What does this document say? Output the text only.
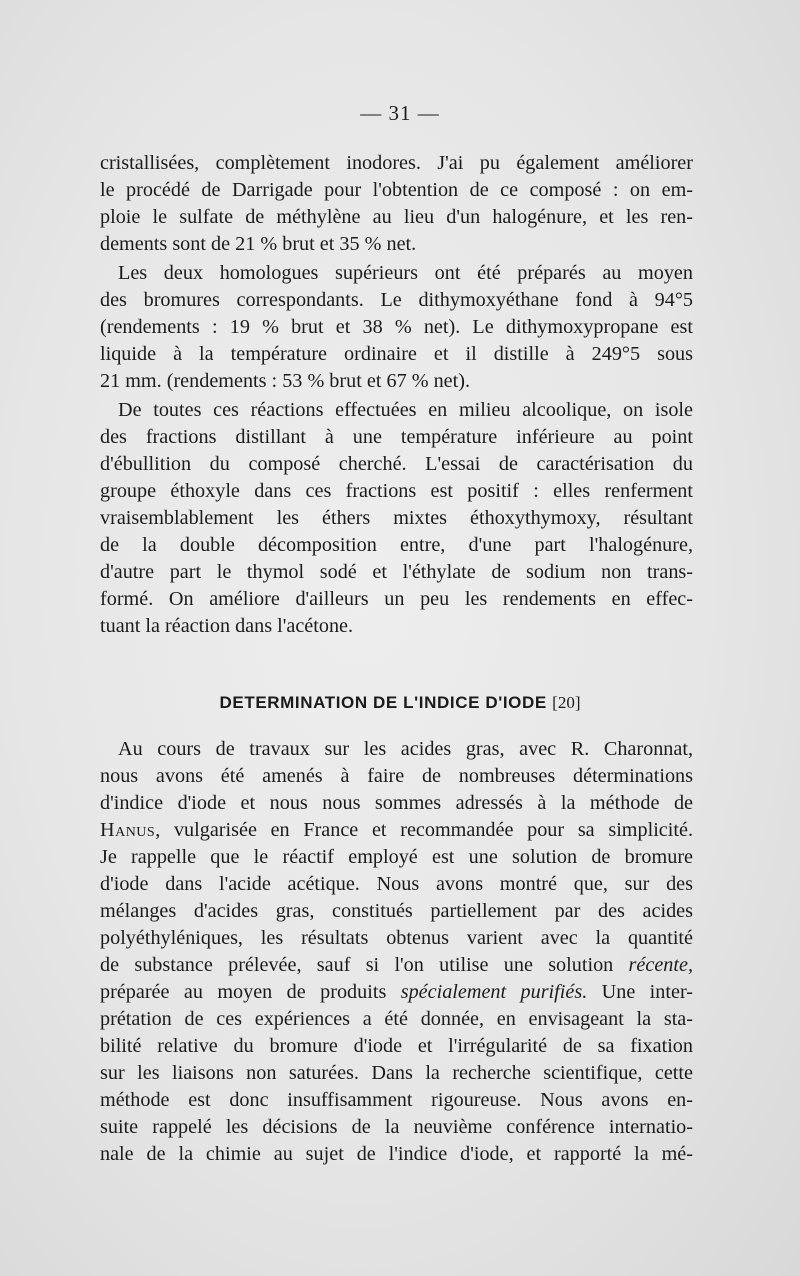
— 31 —
cristallisées, complètement inodores. J'ai pu également améliorer
le procédé de Darrigade pour l'obtention de ce composé : on em-
ploie le sulfate de méthylène au lieu d'un halogénure, et les ren-
dements sont de 21 % brut et 35 % net.
Les deux homologues supérieurs ont été préparés au moyen
des bromures correspondants. Le dithymoxyéthane fond à 94°5
(rendements : 19 % brut et 38 % net). Le dithymoxypropane est
liquide à la température ordinaire et il distille à 249°5 sous
21 mm. (rendements : 53 % brut et 67 % net).
De toutes ces réactions effectuées en milieu alcoolique, on isole
des fractions distillant à une température inférieure au point
d'ébullition du composé cherché. L'essai de caractérisation du
groupe éthoxyle dans ces fractions est positif : elles renferment
vraisemblablement les éthers mixtes éthoxythymoxy, résultant
de la double décomposition entre, d'une part l'halogénure,
d'autre part le thymol sodé et l'éthylate de sodium non trans-
formé. On améliore d'ailleurs un peu les rendements en effec-
tuant la réaction dans l'acétone.
DETERMINATION DE L'INDICE D'IODE [20]
Au cours de travaux sur les acides gras, avec R. Charonnat,
nous avons été amenés à faire de nombreuses déterminations
d'indice d'iode et nous nous sommes adressés à la méthode de
Hanus, vulgarisée en France et recommandée pour sa simplicité.
Je rappelle que le réactif employé est une solution de bromure
d'iode dans l'acide acétique. Nous avons montré que, sur des
mélanges d'acides gras, constitués partiellement par des acides
polyéthyléniques, les résultats obtenus varient avec la quantité
de substance prélevée, sauf si l'on utilise une solution récente,
préparée au moyen de produits spécialement purifiés. Une inter-
prétation de ces expériences a été donnée, en envisageant la sta-
bilité relative du bromure d'iode et l'irrégularité de sa fixation
sur les liaisons non saturées. Dans la recherche scientifique, cette
méthode est donc insuffisamment rigoureuse. Nous avons en-
suite rappelé les décisions de la neuvième conférence internatio-
nale de la chimie au sujet de l'indice d'iode, et rapporté la mé-
